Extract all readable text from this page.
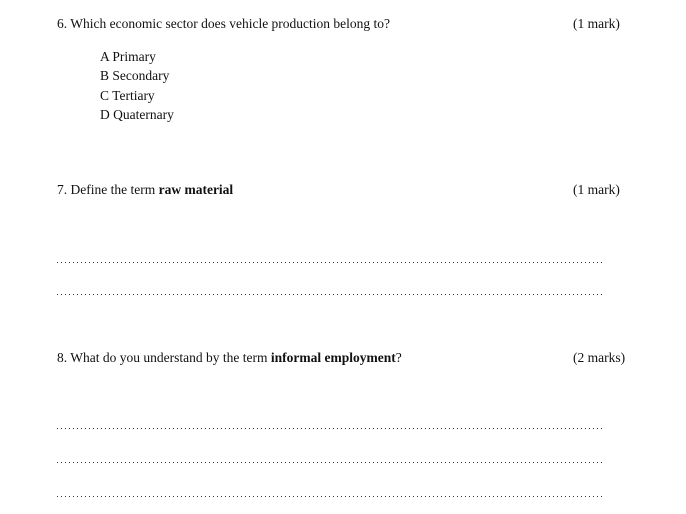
6. Which economic sector does vehicle production belong to?	(1 mark)
A Primary
B Secondary
C Tertiary
D Quaternary
7. Define the term raw material	(1 mark)
8. What do you understand by the term informal employment?	(2 marks)
